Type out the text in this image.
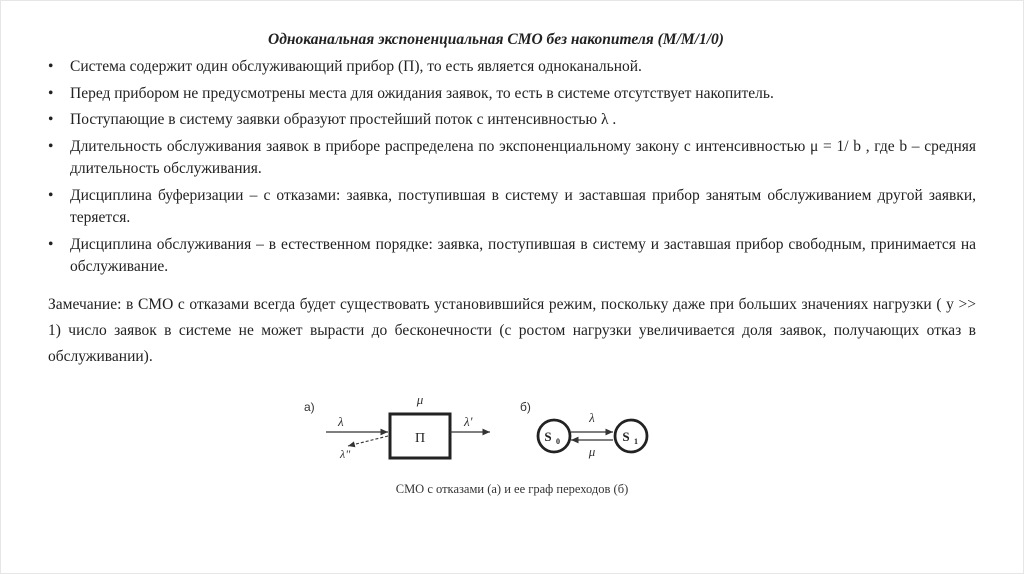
Одноканальная экспоненциальная СМО без накопителя (М/М/1/0)
• Система содержит один обслуживающий прибор (П), то есть является одноканальной.
• Перед прибором не предусмотрены места для ожидания заявок, то есть в системе отсутствует накопитель.
• Поступающие в систему заявки образуют простейший поток с интенсивностью λ .
• Длительность обслуживания заявок в приборе распределена по экспоненциальному закону с интенсивностью μ = 1/ b , где b – средняя длительность обслуживания.
• Дисциплина буферизации – с отказами: заявка, поступившая в систему и заставшая прибор занятым обслуживанием другой заявки, теряется.
• Дисциплина обслуживания – в естественном порядке: заявка, поступившая в систему и заставшая прибор свободным, принимается на обслуживание.
Замечание: в СМО с отказами всегда будет существовать установившийся режим, поскольку даже при больших значениях нагрузки ( y >> 1) число заявок в системе не может вырасти до бесконечности (с ростом нагрузки увеличивается доля заявок, получающих отказ в обслуживании).
а)
П
μ
λ
λ"
λ'
б)
S 0	S 1
λ
μ
СМО с отказами (а) и ее граф переходов (б)
